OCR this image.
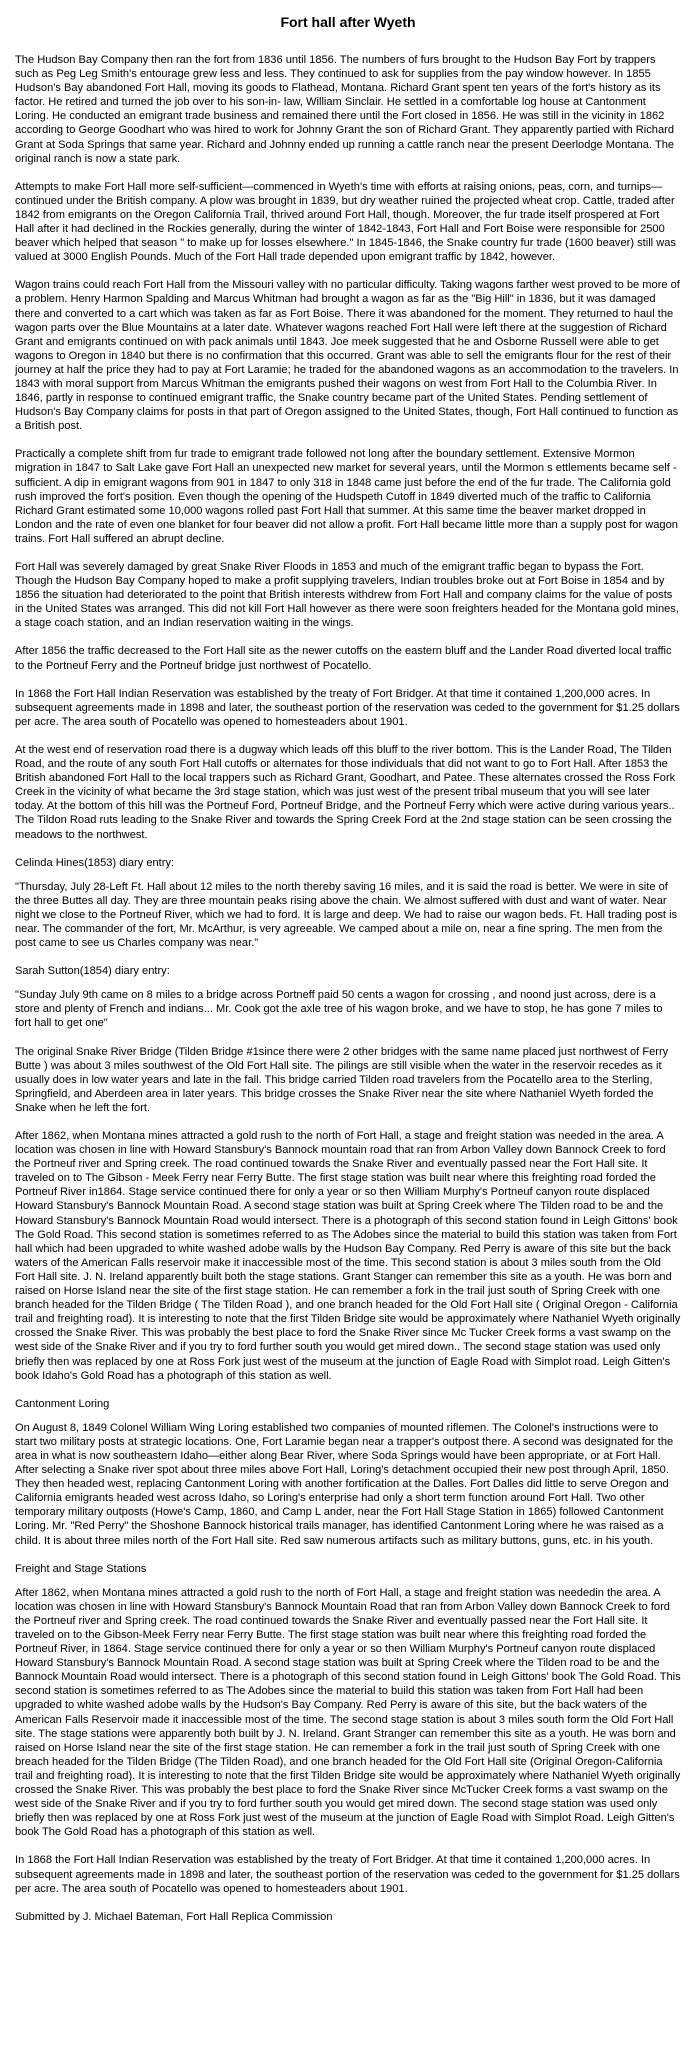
Fort hall after Wyeth

The Hudson Bay Company then ran the fort from 1836 until 1856. The numbers of furs brought to the Hudson Bay Fort by trappers such as Peg Leg Smith's entourage grew less and less. They continued to ask for supplies from the pay window however. In 1855 Hudson's Bay abandoned Fort Hall, moving its goods to Flathead, Montana. Richard Grant spent ten years of the fort's history as its factor. He retired and turned the job over to his son-in- law, William Sinclair. He settled in a comfortable log house at Cantonment Loring. He conducted an emigrant trade business and remained there until the Fort closed in 1856. He was still in the vicinity in 1862 according to George Goodhart who was hired to work for Johnny Grant the son of Richard Grant. They apparently partied with Richard Grant at Soda Springs that same year. Richard and Johnny ended up running a cattle ranch near the present Deerlodge Montana. The original ranch is now a state park.

Attempts to make Fort Hall more self-sufficient—commenced in Wyeth's time with efforts at raising onions, peas, corn, and turnips—continued under the British company. A plow was brought in 1839, but dry weather ruined the projected wheat crop. Cattle, traded after 1842 from emigrants on the Oregon California Trail, thrived around Fort Hall, though. Moreover, the fur trade itself prospered at Fort Hall after it had declined in the Rockies generally, during the winter of 1842-1843, Fort Hall and Fort Boise were responsible for 2500 beaver which helped that season " to make up for losses elsewhere." In 1845-1846, the Snake country fur trade (1600 beaver) still was valued at 3000 English Pounds. Much of the Fort Hall trade depended upon emigrant traffic by 1842, however.

Wagon trains could reach Fort Hall from the Missouri valley with no particular difficulty. Taking wagons farther west proved to be more of a problem. Henry Harmon Spalding and Marcus Whitman had brought a wagon as far as the "Big Hill" in 1836, but it was damaged there and converted to a cart which was taken as far as Fort Boise. There it was abandoned for the moment. They returned to haul the wagon parts over the Blue Mountains at a later date. Whatever wagons reached Fort Hall were left there at the suggestion of Richard Grant and emigrants continued on with pack animals until 1843. Joe meek suggested that he and Osborne Russell were able to get wagons to Oregon in 1840 but there is no confirmation that this occurred. Grant was able to sell the emigrants flour for the rest of their journey at half the price they had to pay at Fort Laramie; he traded for the abandoned wagons as an accommodation to the travelers. In 1843 with moral support from Marcus Whitman the emigrants pushed their wagons on west from Fort Hall to the Columbia River. In 1846, partly in response to continued emigrant traffic, the Snake country became part of the United States. Pending settlement of Hudson's Bay Company claims for posts in that part of Oregon assigned to the United States, though, Fort Hall continued to function as a British post.

Practically a complete shift from fur trade to emigrant trade followed not long after the boundary settlement. Extensive Mormon migration in 1847 to Salt Lake gave Fort Hall an unexpected new market for several years, until the Mormon s ettlements became self -sufficient. A dip in emigrant wagons from 901 in 1847 to only 318 in 1848 came just before the end of the fur trade. The California gold rush improved the fort's position. Even though the opening of the Hudspeth Cutoff in 1849 diverted much of the traffic to California Richard Grant estimated some 10,000 wagons rolled past Fort Hall that summer. At this same time the beaver market dropped in London and the rate of even one blanket for four beaver did not allow a profit. Fort Hall became little more than a supply post for wagon trains. Fort Hall suffered an abrupt decline.

Fort Hall was severely damaged by great Snake River Floods in 1853 and much of the emigrant traffic began to bypass the Fort. Though the Hudson Bay Company hoped to make a profit supplying travelers, Indian troubles broke out at Fort Boise in 1854 and by 1856 the situation had deteriorated to the point that British interests withdrew from Fort Hall and company claims for the value of posts in the United States was arranged. This did not kill Fort Hall however as there were soon freighters headed for the Montana gold mines, a stage coach station, and an Indian reservation waiting in the wings.

After 1856 the traffic decreased to the Fort Hall site as the newer cutoffs on the eastern bluff and the Lander Road diverted local traffic to the Portneuf Ferry and the Portneuf bridge just northwest of Pocatello.

In 1868 the Fort Hall Indian Reservation was established by the treaty of Fort Bridger. At that time it contained 1,200,000 acres. In subsequent agreements made in 1898 and later, the southeast portion of the reservation was ceded to the government for $1.25 dollars per acre. The area south of Pocatello was opened to homesteaders about 1901.

At the west end of reservation road there is a dugway which leads off this bluff to the river bottom. This is the Lander Road, The Tilden Road, and the route of any south Fort Hall cutoffs or alternates for those individuals that did not want to go to Fort Hall. After 1853 the British abandoned Fort Hall to the local trappers such as Richard Grant, Goodhart, and Patee. These alternates crossed the Ross Fork Creek in the vicinity of what became the 3rd stage station, which was just west of the present tribal museum that you will see later today. At the bottom of this hill was the Portneuf Ford, Portneuf Bridge, and the Portneuf Ferry which were active during various years.. The Tildon Road ruts leading to the Snake River and towards the Spring Creek Ford at the 2nd stage station can be seen crossing the meadows to the northwest.

Celinda Hines(1853) diary entry:

"Thursday, July 28-Left Ft. Hall about 12 miles to the north thereby saving 16 miles, and it is said the road is better. We were in site of the three Buttes all day. They are three mountain peaks rising above the chain. We almost suffered with dust and want of water. Near night we close to the Portneuf River, which we had to ford. It is large and deep. We had to raise our wagon beds. Ft. Hall trading post is near. The commander of the fort, Mr. McArthur, is very agreeable. We camped about a mile on, near a fine spring. The men from the post came to see us Charles company was near."

Sarah Sutton(1854) diary entry:

"Sunday July 9th came on 8 miles to a bridge across Portneff paid 50 cents a wagon for crossing , and noond just across, dere is a store and plenty of French and indians... Mr. Cook got the axle tree of his wagon broke, and we have to stop, he has gone 7 miles to fort hall to get one"

The original Snake River Bridge (Tilden Bridge #1since there were 2 other bridges with the same name placed just northwest of Ferry Butte ) was about 3 miles southwest of the Old Fort Hall site. The pilings are still visible when the water in the reservoir recedes as it usually does in low water years and late in the fall. This bridge carried Tilden road travelers from the Pocatello area to the Sterling, Springfield, and Aberdeen area in later years. This bridge crosses the Snake River near the site where Nathaniel Wyeth forded the Snake when he left the fort.

After 1862, when Montana mines attracted a gold rush to the north of Fort Hall, a stage and freight station was needed in the area. A location was chosen in line with Howard Stansbury's Bannock mountain road that ran from Arbon Valley down Bannock Creek to ford the Portneuf river and Spring creek. The road continued towards the Snake River and eventually passed near the Fort Hall site. It traveled on to The Gibson - Meek Ferry near Ferry Butte. The first stage station was built near where this freighting road forded the Portneuf River in1864. Stage service continued there for only a year or so then William Murphy's Portneuf canyon route displaced Howard Stansbury's Bannock Mountain Road. A second stage station was built at Spring Creek where The Tilden road to be and the Howard Stansbury's Bannock Mountain Road would intersect. There is a photograph of this second station found in Leigh Gittons' book The Gold Road. This second station is sometimes referred to as The Adobes since the material to build this station was taken from Fort hall which had been upgraded to white washed adobe walls by the Hudson Bay Company. Red Perry is aware of this site but the back waters of the American Falls reservoir make it inaccessible most of the time. This second station is about 3 miles south from the Old Fort Hall site. J. N. Ireland apparently built both the stage stations. Grant Stanger can remember this site as a youth. He was born and raised on Horse Island near the site of the first stage station. He can remember a fork in the trail just south of Spring Creek with one branch headed for the Tilden Bridge ( The Tilden Road ), and one branch headed for the Old Fort Hall site ( Original Oregon - California trail and freighting road). It is interesting to note that the first Tilden Bridge site would be approximately where Nathaniel Wyeth originally crossed the Snake River. This was probably the best place to ford the Snake River since Mc Tucker Creek forms a vast swamp on the west side of the Snake River and if you try to ford further south you would get mired down.. The second stage station was used only briefly then was replaced by one at Ross Fork just west of the museum at the junction of Eagle Road with Simplot road. Leigh Gitten's book Idaho's Gold Road has a photograph of this station as well.

Cantonment Loring

On August 8, 1849 Colonel William Wing Loring established two companies of mounted riflemen. The Colonel's instructions were to start two military posts at strategic locations. One, Fort Laramie began near a trapper's outpost there. A second was designated for the area in what is now southeastern Idaho—either along Bear River, where Soda Springs would have been appropriate, or at Fort Hall. After selecting a Snake river spot about three miles above Fort Hall, Loring's detachment occupied their new post through April, 1850. They then headed west, replacing Cantonment Loring with another fortification at the Dalles. Fort Dalles did little to serve Oregon and California emigrants headed west across Idaho, so Loring's enterprise had only a short term function around Fort Hall. Two other temporary military outposts (Howe's Camp, 1860, and Camp L ander, near the Fort Hall Stage Station in 1865) followed Cantonment Loring. Mr. "Red Perry" the Shoshone Bannock historical trails manager, has identified Cantonment Loring where he was raised as a child. It is about three miles north of the Fort Hall site. Red saw numerous artifacts such as military buttons, guns, etc. in his youth.

Freight and Stage Stations

After 1862, when Montana mines attracted a gold rush to the north of Fort Hall, a stage and freight station was neededin the area. A location was chosen in line with Howard Stansbury's Bannock Mountain Road that ran from Arbon Valley down Bannock Creek to ford the Portneuf river and Spring creek. The road continued towards the Snake River and eventually passed near the Fort Hall site. It traveled on to the Gibson-Meek Ferry near Ferry Butte. The first stage station was built near where this freighting road forded the Portneuf River, in 1864. Stage service continued there for only a year or so then William Murphy's Portneuf canyon route displaced Howard Stansbury's Bannock Mountain Road. A second stage station was built at Spring Creek where the Tilden road to be and the Bannock Mountain Road would intersect. There is a photograph of this second station found in Leigh Gittons' book The Gold Road. This second station is sometimes referred to as The Adobes since the material to build this station was taken from Fort Hall had been upgraded to white washed adobe walls by the Hudson's Bay Company. Red Perry is aware of this site, but the back waters of the American Falls Reservoir made it inaccessible most of the time. The second stage station is about 3 miles south form the Old Fort Hall site. The stage stations were apparently both built by J. N. Ireland. Grant Stranger can remember this site as a youth. He was born and raised on Horse Island near the site of the first stage station. He can remember a fork in the trail just south of Spring Creek with one breach headed for the Tilden Bridge (The Tilden Road), and one branch headed for the Old Fort Hall site (Original Oregon-California trail and freighting road). It is interesting to note that the first Tilden Bridge site would be approximately where Nathaniel Wyeth originally crossed the Snake River. This was probably the best place to ford the Snake River since McTucker Creek forms a vast swamp on the west side of the Snake River and if you try to ford further south you would get mired down. The second stage station was used only briefly then was replaced by one at Ross Fork just west of the museum at the junction of Eagle Road with Simplot Road. Leigh Gitten's book The Gold Road has a photograph of this station as well.

In 1868 the Fort Hall Indian Reservation was established by the treaty of Fort Bridger. At that time it contained 1,200,000 acres. In subsequent agreements made in 1898 and later, the southeast portion of the reservation was ceded to the government for $1.25 dollars per acre. The area south of Pocatello was opened to homesteaders about 1901.

Submitted by J. Michael Bateman, Fort Hall Replica Commission
